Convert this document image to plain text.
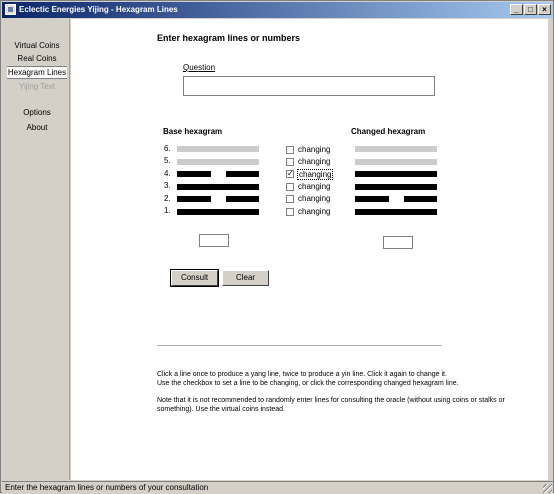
Eclectic Energies Yijing - Hexagram Lines	_	□	×
Virtual Coins
Real Coins
Hexagram Lines
Yijing Text
Options
About
Enter hexagram lines or numbers
Question
Base hexagram	Changed hexagram
6.	changing
5.	changing
4.	✓ changing
3.	changing
2.	changing
1.	changing
Consult	Clear
Click a line once to produce a yang line, twice to produce a yin line. Click it again to change it.
Use the checkbox to set a line to be changing, or click the corresponding changed hexagram line.
Note that it is not recommended to randomly enter lines for consulting the oracle (without using coins or stalks or something). Use the virtual coins instead.
Enter the hexagram lines or numbers of your consultation
